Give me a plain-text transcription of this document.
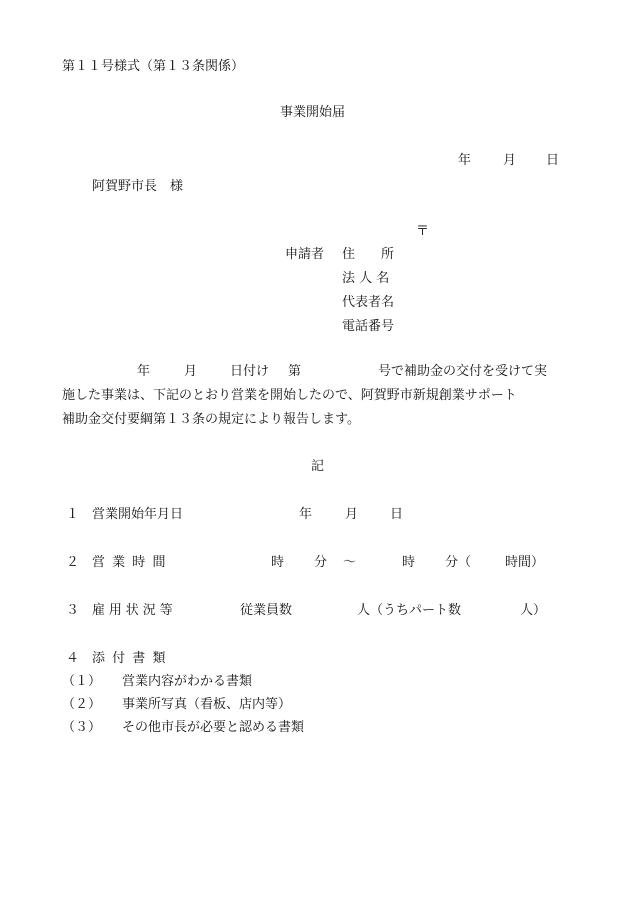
第１１号様式（第１３条関係）
事業開始届
年 月 日
阿賀野市長　様
〒
申請者 住　　所
法 人 名
代表者名
電話番号
年	月	日付け 第	号で補助金の交付を受けて実
施した事業は、下記のとおり営業を開始したので、阿賀野市新規創業サポート
補助金交付要綱第１３条の規定により報告します。
記
１ 営業開始年月日	年	月 日
２ 営業時間	時 分 ～	時 分（	時間）
３ 雇用状況等	従業員数	人（うちパート数	人）
４ 添付書類
（１） 営業内容がわかる書類
（２） 事業所写真（看板、店内等）
（３） その他市長が必要と認める書類
